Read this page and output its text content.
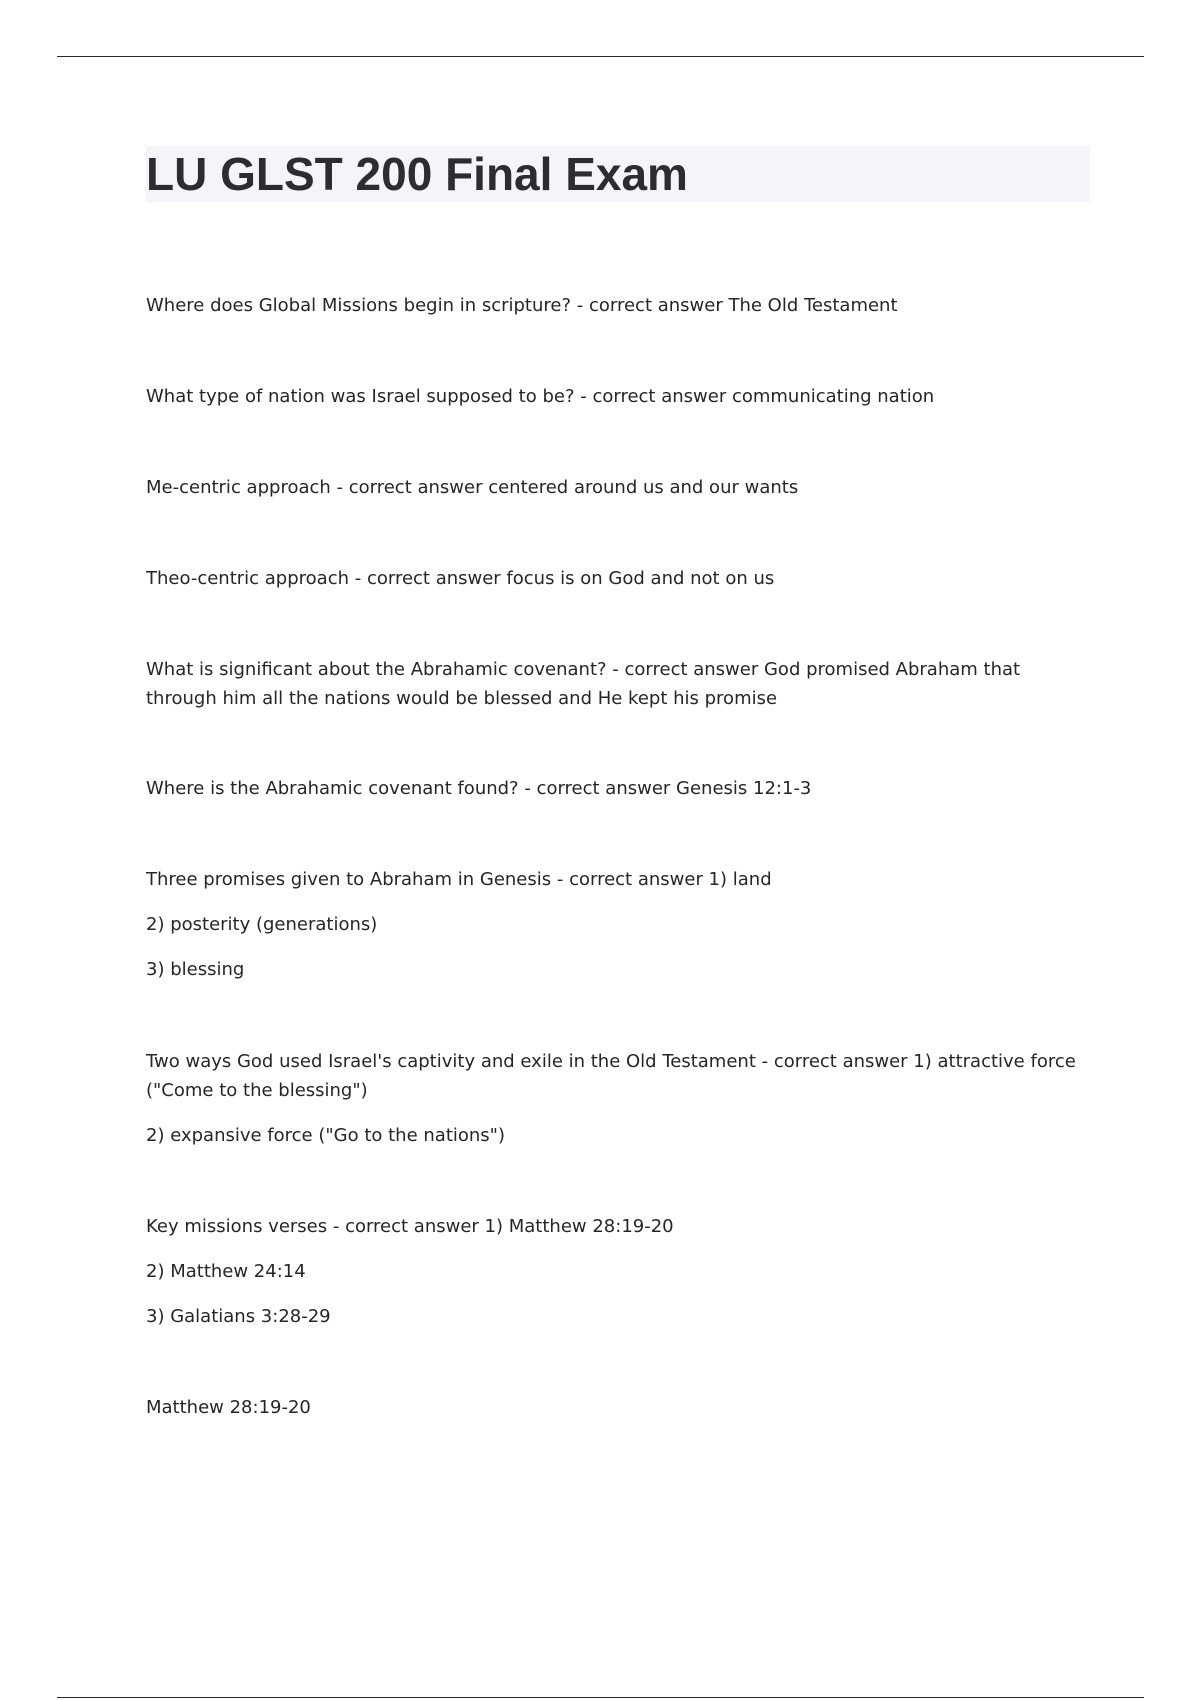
LU GLST 200 Final Exam
Where does Global Missions begin in scripture? - correct answer The Old Testament
What type of nation was Israel supposed to be? - correct answer communicating nation
Me-centric approach - correct answer centered around us and our wants
Theo-centric approach - correct answer focus is on God and not on us
What is significant about the Abrahamic covenant? - correct answer God promised Abraham that
through him all the nations would be blessed and He kept his promise
Where is the Abrahamic covenant found? - correct answer Genesis 12:1-3
Three promises given to Abraham in Genesis - correct answer 1) land
2) posterity (generations)
3) blessing
Two ways God used Israel's captivity and exile in the Old Testament - correct answer 1) attractive force
("Come to the blessing")
2) expansive force ("Go to the nations")
Key missions verses - correct answer 1) Matthew 28:19-20
2) Matthew 24:14
3) Galatians 3:28-29
Matthew 28:19-20
